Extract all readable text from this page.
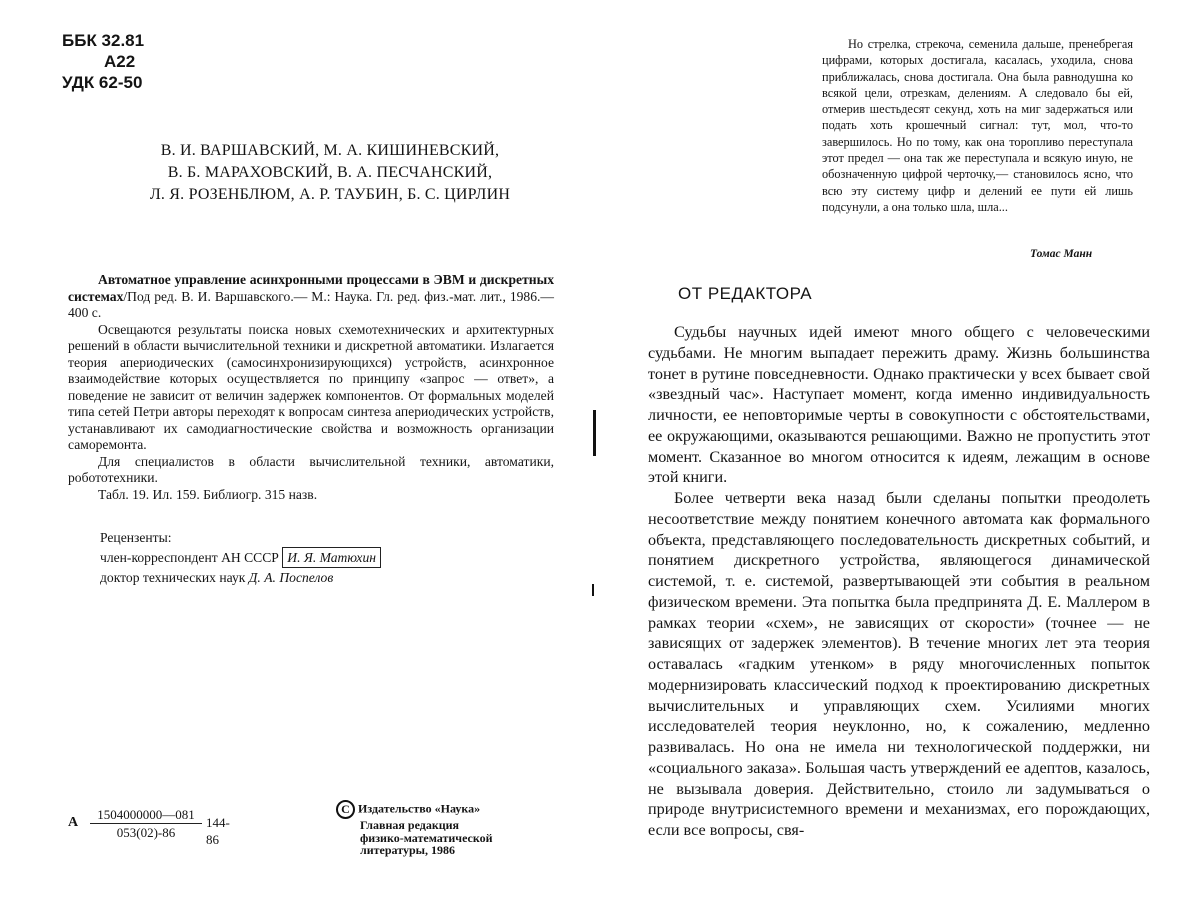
ББК 32.81
А22
УДК 62-50
В. И. ВАРШАВСКИЙ, М. А. КИШИНЕВСКИЙ,
В. Б. МАРАХОВСКИЙ, В. А. ПЕСЧАНСКИЙ,
Л. Я. РОЗЕНБЛЮМ, А. Р. ТАУБИН, Б. С. ЦИРЛИН

Автоматное управление асинхронными процессами в ЭВМ и дискретных системах/Под ред. В. И. Варшавского.— М.: Наука. Гл. ред. физ.-мат. лит., 1986.— 400 с.

Освещаются результаты поиска новых схемотехнических и архитектурных решений в области вычислительной техники и дискретной автоматики. Излагается теория апериодических (самосинхронизирующихся) устройств, асинхронное взаимодействие которых осуществляется по принципу «запрос — ответ», а поведение не зависит от величин задержек компонентов. От формальных моделей типа сетей Петри авторы переходят к вопросам синтеза апериодических устройств, устанавливают их самодиагностические свойства и возможность организации саморемонта.

Для специалистов в области вычислительной техники, автоматики, робототехники.

Табл. 19. Ил. 159. Библиогр. 315 назв.

Рецензенты:
член-корреспондент АН СССР И. Я. Матюхин
доктор технических наук Д. А. Поспелов
А $\frac{1504000000—081}{053(02)-86} 144-86$
C Издательство «Наука»
Главная редакция
физико-математической
литературы, 1986

Но стрелка, стрекоча, семенила дальше, пренебрегая цифрами, которых достигала, касалась, уходила, снова приближалась, снова достигала. Она была равнодушна ко всякой цели, отрезкам, делениям. А следовало бы ей, отмерив шестьдесят секунд, хоть на миг задержаться или подать хоть крошечный сигнал: тут, мол, что-то завершилось. Но по тому, как она торопливо переступала этот предел — она так же переступала и всякую иную, не обозначенную цифрой черточку,— становилось ясно, что всю эту систему цифр и делений ее пути ей лишь подсунули, а она только шла, шла...

Томас Манн
ОТ РЕДАКТОРА

Судьбы научных идей имеют много общего с человеческими судьбами. Не многим выпадает пережить драму. Жизнь большинства тонет в рутине повседневности. Однако практически у всех бывает свой «звездный час». Наступает момент, когда именно индивидуальность личности, ее неповторимые черты в совокупности с обстоятельствами, ее окружающими, оказываются решающими. Важно не пропустить этот момент. Сказанное во многом относится к идеям, лежащим в основе этой книги.

Более четверти века назад были сделаны попытки преодолеть несоответствие между понятием конечного автомата как формального объекта, представляющего последовательность дискретных событий, и понятием дискретного устройства, являющегося динамической системой, т. е. системой, развертывающей эти события в реальном физическом времени. Эта попытка была предпринята Д. Е. Маллером в рамках теории «схем», не зависящих от скорости» (точнее — не зависящих от задержек элементов). В течение многих лет эта теория оставалась «гадким утенком» в ряду многочисленных попыток модернизировать классический подход к проектированию дискретных вычислительных и управляющих схем. Усилиями многих исследователей теория неуклонно, но, к сожалению, медленно развивалась. Но она не имела ни технологической поддержки, ни «социального заказа». Большая часть утверждений ее адептов, казалось, не вызывала доверия. Действительно, стоило ли задумываться о природе внутрисистемного времени и механизмах, его порождающих, если все вопросы, свя-
